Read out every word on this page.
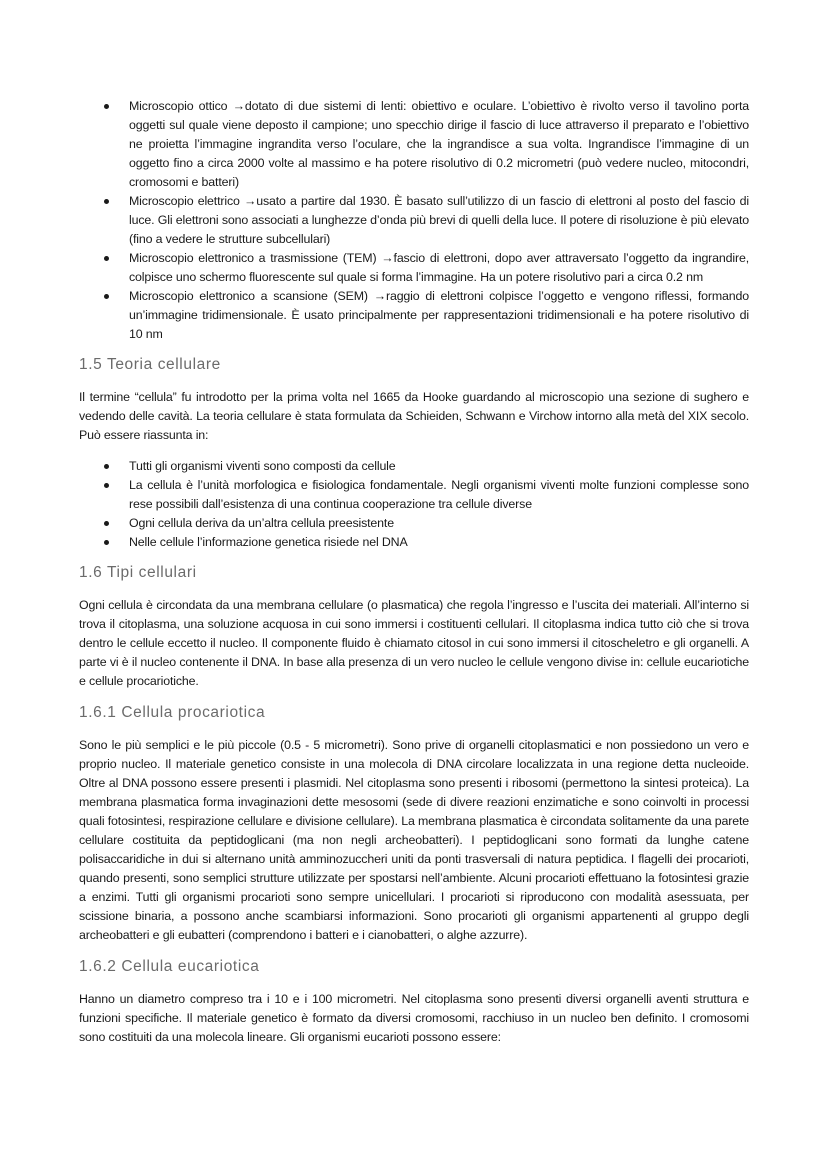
Microscopio ottico →dotato di due sistemi di lenti: obiettivo e oculare. L’obiettivo è rivolto verso il tavolino porta oggetti sul quale viene deposto il campione; uno specchio dirige il fascio di luce attraverso il preparato e l’obiettivo ne proietta l’immagine ingrandita verso l’oculare, che la ingrandisce a sua volta. Ingrandisce l’immagine di un oggetto fino a circa 2000 volte al massimo e ha potere risolutivo di 0.2 micrometri (può vedere nucleo, mitocondri, cromosomi e batteri)
Microscopio elettrico →usato a partire dal 1930. È basato sull’utilizzo di un fascio di elettroni al posto del fascio di luce. Gli elettroni sono associati a lunghezze d’onda più brevi di quelli della luce. Il potere di risoluzione è più elevato (fino a vedere le strutture subcellulari)
Microscopio elettronico a trasmissione (TEM) →fascio di elettroni, dopo aver attraversato l’oggetto da ingrandire, colpisce uno schermo fluorescente sul quale si forma l’immagine. Ha un potere risolutivo pari a circa 0.2 nm
Microscopio elettronico a scansione (SEM) →raggio di elettroni colpisce l’oggetto e vengono riflessi, formando un’immagine tridimensionale. È usato principalmente per rappresentazioni tridimensionali e ha potere risolutivo di 10 nm
1.5 Teoria cellulare

Il termine “cellula” fu introdotto per la prima volta nel 1665 da Hooke guardando al microscopio una sezione di sughero e vedendo delle cavità. La teoria cellulare è stata formulata da Schieiden, Schwann e Virchow intorno alla metà del XIX secolo. Può essere riassunta in:

Tutti gli organismi viventi sono composti da cellule
La cellula è l’unità morfologica e fisiologica fondamentale. Negli organismi viventi molte funzioni complesse sono rese possibili dall’esistenza di una continua cooperazione tra cellule diverse
Ogni cellula deriva da un’altra cellula preesistente
Nelle cellule l’informazione genetica risiede nel DNA
1.6 Tipi cellulari

Ogni cellula è circondata da una membrana cellulare (o plasmatica) che regola l’ingresso e l’uscita dei materiali. All’interno si trova il citoplasma, una soluzione acquosa in cui sono immersi i costituenti cellulari. Il citoplasma indica tutto ciò che si trova dentro le cellule eccetto il nucleo. Il componente fluido è chiamato citosol in cui sono immersi il citoscheletro e gli organelli. A parte vi è il nucleo contenente il DNA. In base alla presenza di un vero nucleo le cellule vengono divise in: cellule eucariotiche e cellule procariotiche.

1.6.1 Cellula procariotica

Sono le più semplici e le più piccole (0.5 - 5 micrometri). Sono prive di organelli citoplasmatici e non possiedono un vero e proprio nucleo. Il materiale genetico consiste in una molecola di DNA circolare localizzata in una regione detta nucleoide. Oltre al DNA possono essere presenti i plasmidi. Nel citoplasma sono presenti i ribosomi (permettono la sintesi proteica). La membrana plasmatica forma invaginazioni dette mesosomi (sede di divere reazioni enzimatiche e sono coinvolti in processi quali fotosintesi, respirazione cellulare e divisione cellulare). La membrana plasmatica è circondata solitamente da una parete cellulare costituita da peptidoglicani (ma non negli archeobatteri). I peptidoglicani sono formati da lunghe catene polisaccaridiche in dui si alternano unità amminozuccheri uniti da ponti trasversali di natura peptidica. I flagelli dei procarioti, quando presenti, sono semplici strutture utilizzate per spostarsi nell’ambiente. Alcuni procarioti effettuano la fotosintesi grazie a enzimi. Tutti gli organismi procarioti sono sempre unicellulari. I procarioti si riproducono con modalità asessuata, per scissione binaria, a possono anche scambiarsi informazioni. Sono procarioti gli organismi appartenenti al gruppo degli archeobatteri e gli eubatteri (comprendono i batteri e i cianobatteri, o alghe azzurre).

1.6.2 Cellula eucariotica

Hanno un diametro compreso tra i 10 e i 100 micrometri. Nel citoplasma sono presenti diversi organelli aventi struttura e funzioni specifiche. Il materiale genetico è formato da diversi cromosomi, racchiuso in un nucleo ben definito. I cromosomi sono costituiti da una molecola lineare. Gli organismi eucarioti possono essere:
